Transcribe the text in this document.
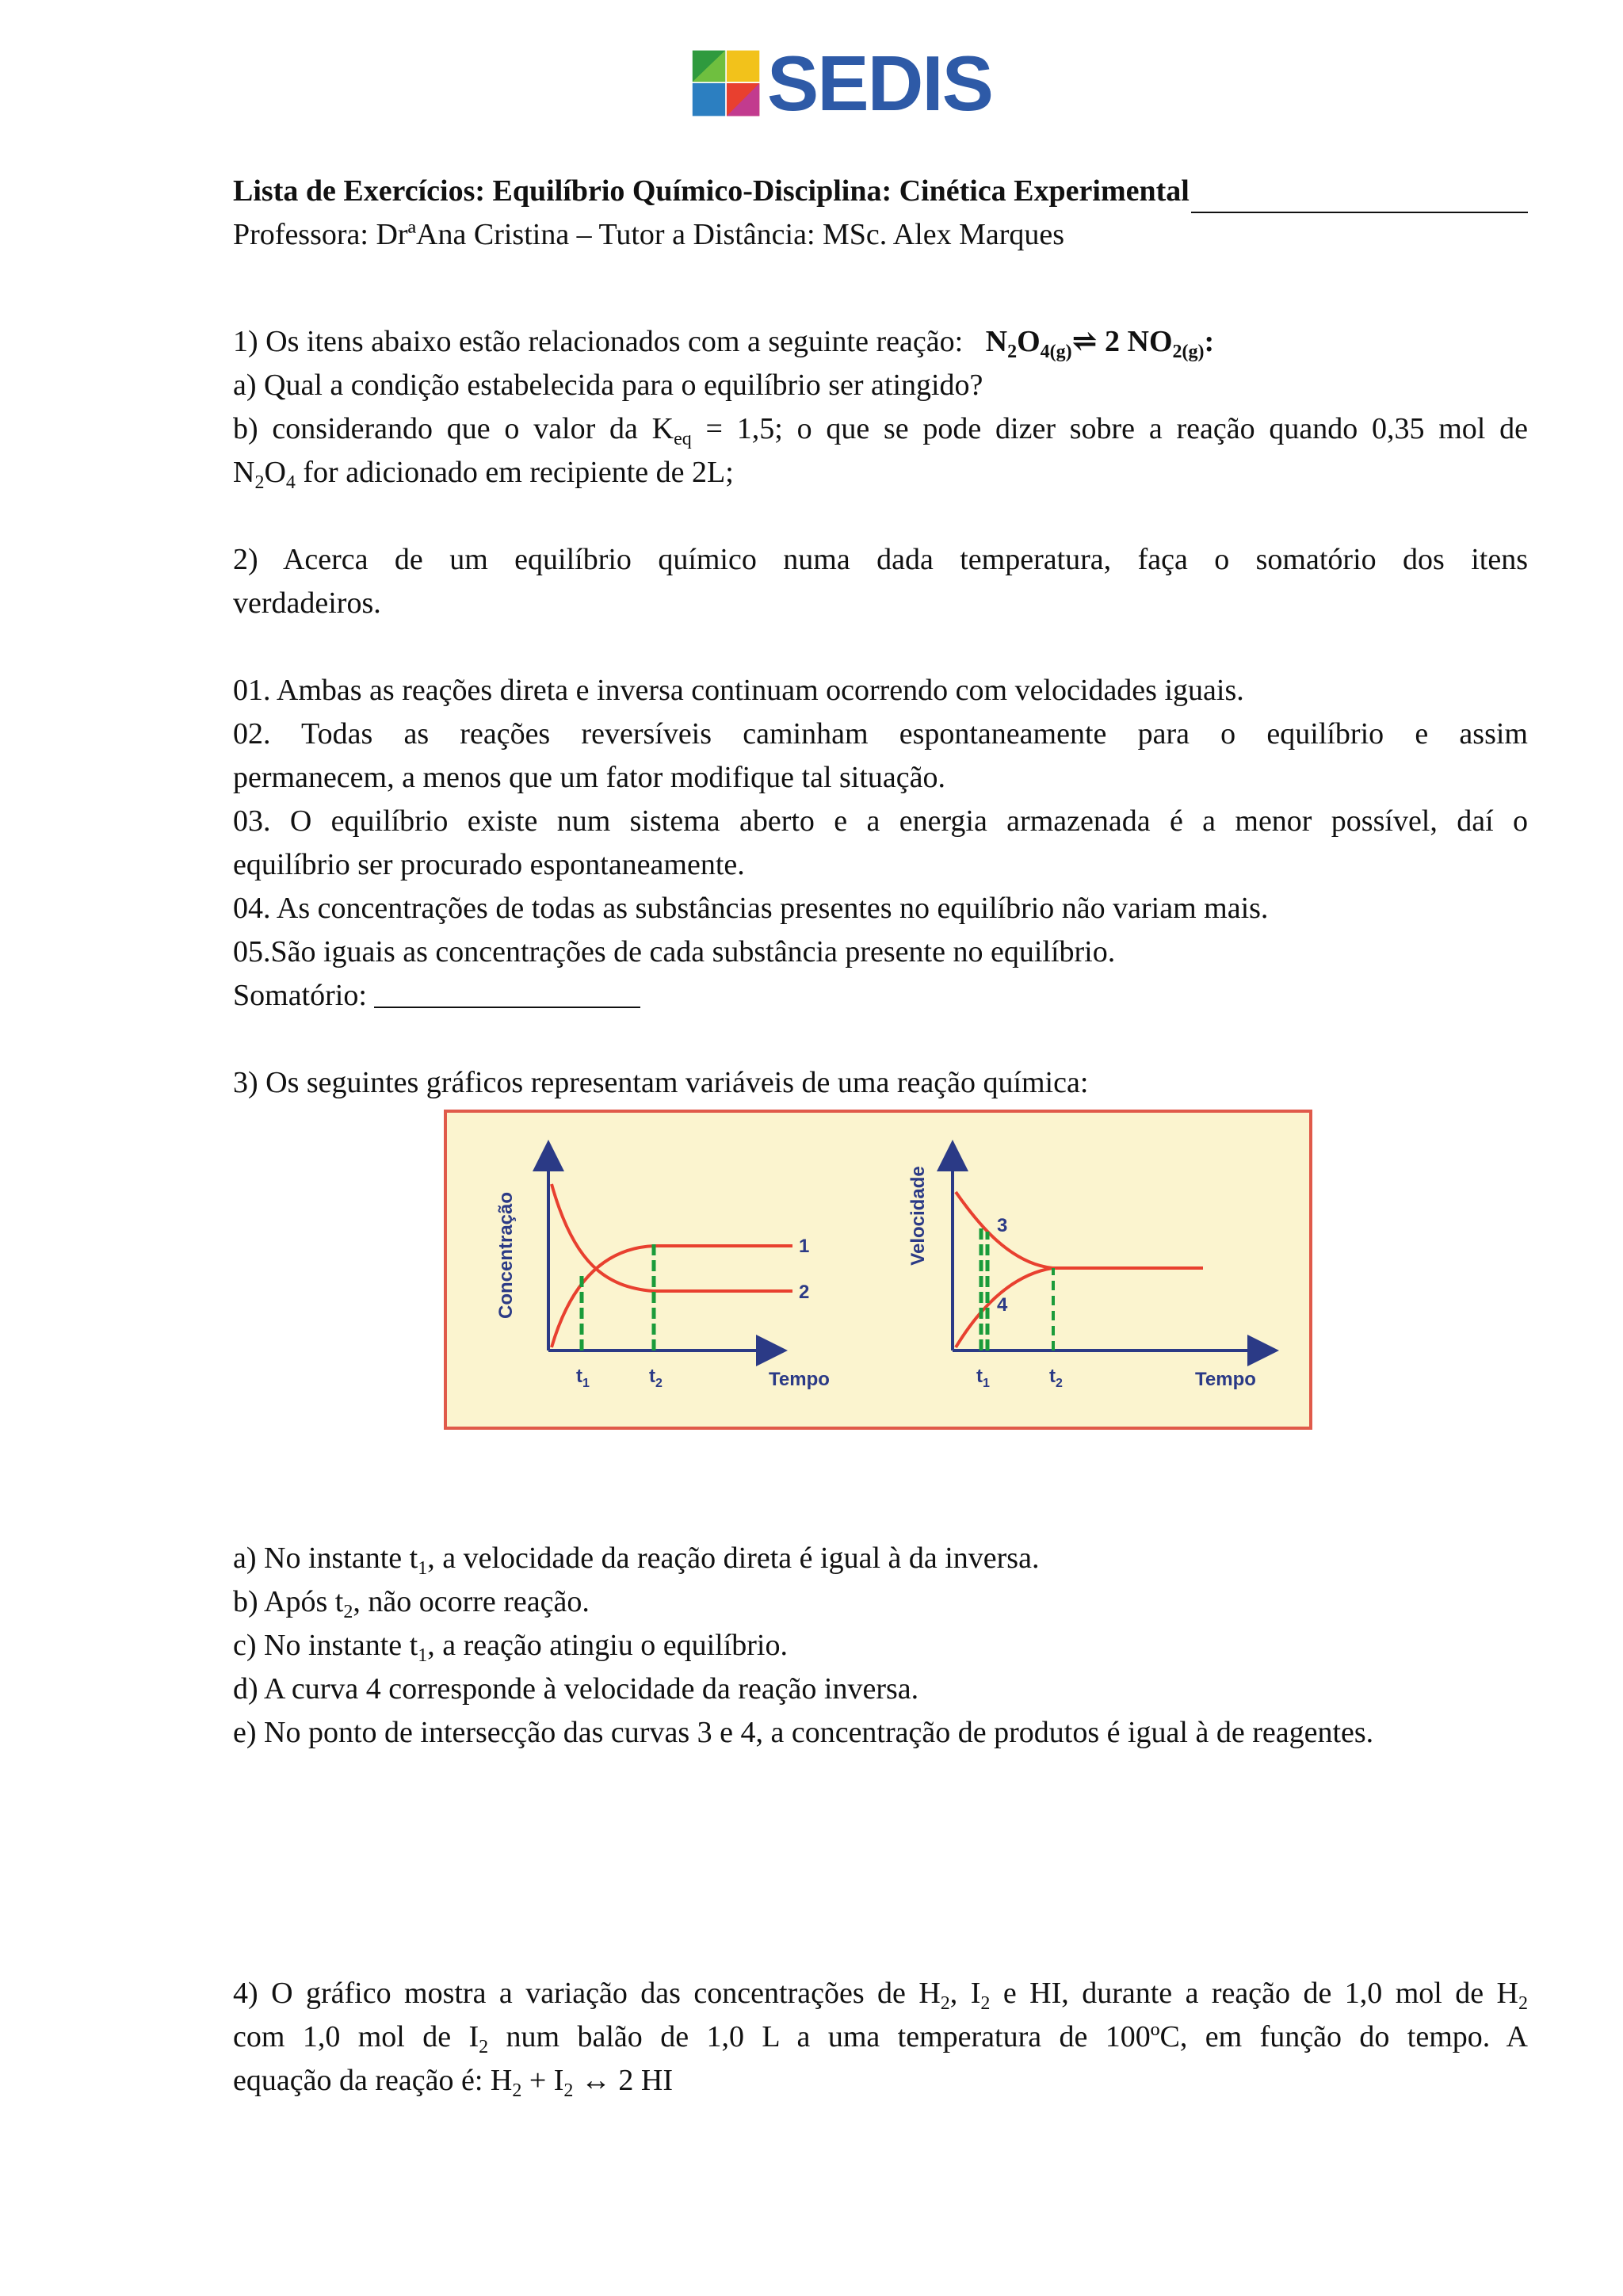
SEDIS

Lista de Exercícios: Equilíbrio Químico-Disciplina: Cinética Experimental

Professora: DrªAna Cristina – Tutor a Distância: MSc. Alex Marques

1) Os itens abaixo estão relacionados com a seguinte reação:   $N_2O_{4(g)}\rightleftharpoons$ 2 $NO_{2(g)}$:

a) Qual a condição estabelecida para o equilíbrio ser atingido?

b) considerando que o valor da $K_{eq} = 1,5$; o que se pode dizer sobre a reação quando 0,35 mol de

$N_2O_4$ for adicionado em recipiente de 2L;

2) Acerca de um equilíbrio químico numa dada temperatura, faça o somatório dos itens

verdadeiros.

01. Ambas as reações direta e inversa continuam ocorrendo com velocidades iguais.

02. Todas as reações reversíveis caminham espontaneamente para o equilíbrio e assim

permanecem, a menos que um fator modifique tal situação.

03. O equilíbrio existe num sistema aberto e a energia armazenada é a menor possível, daí o

equilíbrio ser procurado espontaneamente.

04. As concentrações de todas as substâncias presentes no equilíbrio não variam mais.

05.São iguais as concentrações de cada substância presente no equilíbrio.

Somatório:

3) Os seguintes gráficos representam variáveis de uma reação química:

Concentração	1
2
$t_1$	$t_2$	Tempo
Velocidade	3
4
$t_1$	$t_2$	Tempo

a) No instante $t_1$, a velocidade da reação direta é igual à da inversa.

b) Após $t_2$, não ocorre reação.

c) No instante $t_1$, a reação atingiu o equilíbrio.

d) A curva 4 corresponde à velocidade da reação inversa.

e) No ponto de intersecção das curvas 3 e 4, a concentração de produtos é igual à de reagentes.

4) O gráfico mostra a variação das concentrações de $H_2$, $I_2$ e HI, durante a reação de 1,0 mol de $H_2$

com 1,0 mol de $I_2$ num balão de 1,0 L a uma temperatura de 100ºC, em função do tempo. A

equação da reação é: $H_2 + I_2$ ↔ 2 HI
